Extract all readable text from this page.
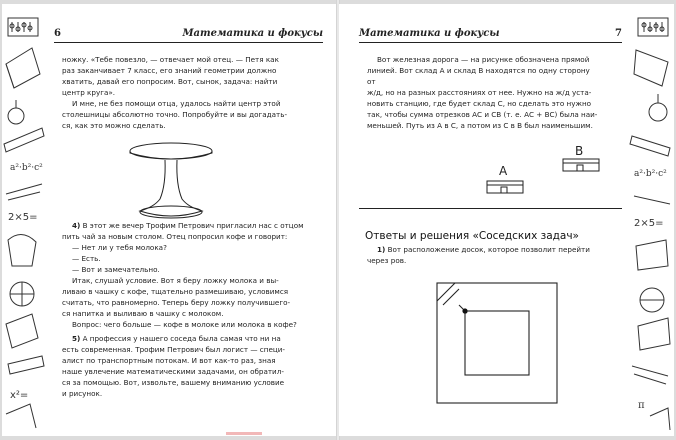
a²·b²·c²
2×5=
x²=
6	Математика и фокусы

ножку. «Тебе повезло, — отвечает мой отец. — Петя как

раз заканчивает 7 класс, его знаний геометрии должно

хватить, давай его попросим. Вот, сынок, задача: найти

центр круга».

И мне, не без помощи отца, удалось найти центр этой

столешницы абсолютно точно. Попробуйте и вы догадать-

ся, как это можно сделать.

4) В этот же вечер Трофим Петрович пригласил нас с отцом

пить чай за новым столом. Отец попросил кофе и говорит:

— Нет ли у тебя молока?

— Есть.

— Вот и замечательно.

Итак, слушай условие. Вот я беру ложку молока и вы-

ливаю в чашку с кофе, тщательно размешиваю, условимся

считать, что равномерно. Теперь беру ложку получившего-

ся напитка и выливаю в чашку с молоком.

Вопрос: чего больше — кофе в молоке или молока в кофе?

5) А профессия у нашего соседа была самая что ни на

есть современная. Трофим Петрович был логист — специ-

алист по транспортным потокам. И вот как-то раз, зная

наше увлечение математическими задачами, он обратил-

ся за помощью. Вот, извольте, вашему вниманию условие

и рисунок.

Математика и фокусы	7

Вот железная дорога — на рисунке обозначена прямой

линией. Вот склад А и склад В находятся по одну сторону от

ж/д, но на разных расстояниях от нее. Нужно на ж/д уста-

новить станцию, где будет склад С, но сделать это нужно

так, чтобы сумма отрезков АС и СВ (т. е. АС + ВС) была наи-

меньшей. Путь из А в С, а потом из С в В был наименьшим.

A
B
Ответы и решения «Соседских задач»

1) Вот расположение досок, которое позволит перейти

через ров.

a²·b²·c²
2×5=
π
